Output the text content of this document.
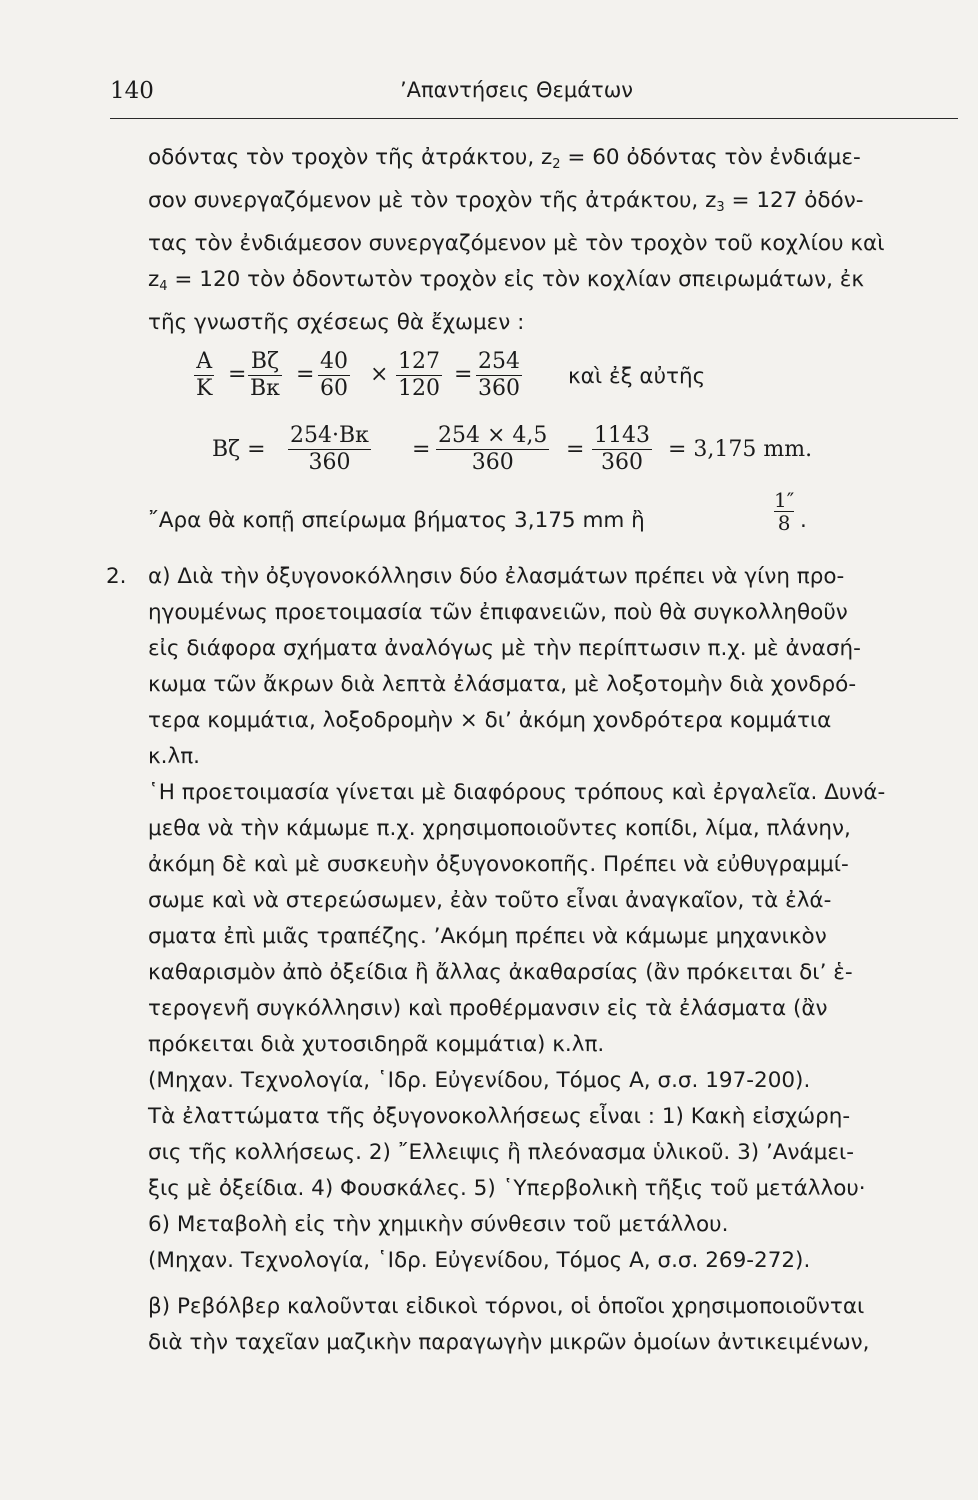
140	’Απαντήσεις Θεμάτων

οδόντας τὸν τροχὸν τῆς ἀτράκτου, $z_2 = 60$ ὀδόντας τὸν ἐνδιάμε-

σον συνεργαζόμενον μὲ τὸν τροχὸν τῆς ἀτράκτου, $z_3 = 127$ ὀδόν-

τας τὸν ἐνδιάμεσον συνεργαζόμενον μὲ τὸν τροχὸν τοῦ κοχλίου καὶ

$z_4 = 120$ τὸν ὀδοντωτὸν τροχὸν εἰς τὸν κοχλίαν σπειρωμάτων, ἐκ

τῆς γνωστῆς σχέσεως θὰ ἔχωμεν :

$\frac{A}{K} = \frac{B\zeta}{B\kappa} = \frac{40}{60} \times \frac{127}{120} = \frac{254}{360}$ καὶ ἐξ αὐτῆς
$B\zeta = \frac{254\cdot B\kappa}{360} = \frac{254 \times 4,5}{360} = \frac{1143}{360} = 3,175$ mm.
῎Αρα θὰ κοπῇ σπείρωμα βήματος 3,175 mm ἢ	$\frac{1''}{8}$ .
2. α) Διὰ τὴν ὀξυγονοκόλλησιν δύο ἐλασμάτων πρέπει νὰ γίνη προ-

ηγουμένως προετοιμασία τῶν ἐπιφανειῶν, ποὺ θὰ συγκολληθοῦν

εἰς διάφορα σχήματα ἀναλόγως μὲ τὴν περίπτωσιν π.χ. μὲ ἀνασή-

κωμα τῶν ἄκρων διὰ λεπτὰ ἐλάσματα, μὲ λοξοτομὴν διὰ χονδρό-

τερα κομμάτια, λοξοδρομὴν × δι’ ἀκόμη χονδρότερα κομμάτια

κ.λπ.

῾Η προετοιμασία γίνεται μὲ διαφόρους τρόπους καὶ ἐργαλεῖα. Δυνά-

μεθα νὰ τὴν κάμωμε π.χ. χρησιμοποιοῦντες κοπίδι, λίμα, πλάνην,

ἀκόμη δὲ καὶ μὲ συσκευὴν ὀξυγονοκοπῆς. Πρέπει νὰ εὐθυγραμμί-

σωμε καὶ νὰ στερεώσωμεν, ἐὰν τοῦτο εἶναι ἀναγκαῖον, τὰ ἐλά-

σματα ἐπὶ μιᾶς τραπέζης. ’Ακόμη πρέπει νὰ κάμωμε μηχανικὸν

καθαρισμὸν ἀπὸ ὀξείδια ἢ ἄλλας ἀκαθαρσίας (ἂν πρόκειται δι’ ἑ-

τερογενῆ συγκόλλησιν) καὶ προθέρμανσιν εἰς τὰ ἐλάσματα (ἂν

πρόκειται διὰ χυτοσιδηρᾶ κομμάτια) κ.λπ.

(Μηχαν. Τεχνολογία, ῾Ιδρ. Εὐγενίδου, Τόμος Α, σ.σ. 197-200).

Τὰ ἐλαττώματα τῆς ὀξυγονοκολλήσεως εἶναι : 1) Κακὴ εἰσχώρη-

σις τῆς κολλήσεως. 2) ῎Ελλειψις ἢ πλεόνασμα ὑλικοῦ. 3) ’Ανάμει-

ξις μὲ ὀξείδια. 4) Φουσκάλες. 5) ῾Υπερβολικὴ τῆξις τοῦ μετάλλου·

6) Μεταβολὴ εἰς τὴν χημικὴν σύνθεσιν τοῦ μετάλλου.

(Μηχαν. Τεχνολογία, ῾Ιδρ. Εὐγενίδου, Τόμος Α, σ.σ. 269-272).

β) Ρεβόλβερ καλοῦνται εἰδικοὶ τόρνοι, οἱ ὁποῖοι χρησιμοποιοῦνται

διὰ τὴν ταχεῖαν μαζικὴν παραγωγὴν μικρῶν ὁμοίων ἀντικειμένων,
